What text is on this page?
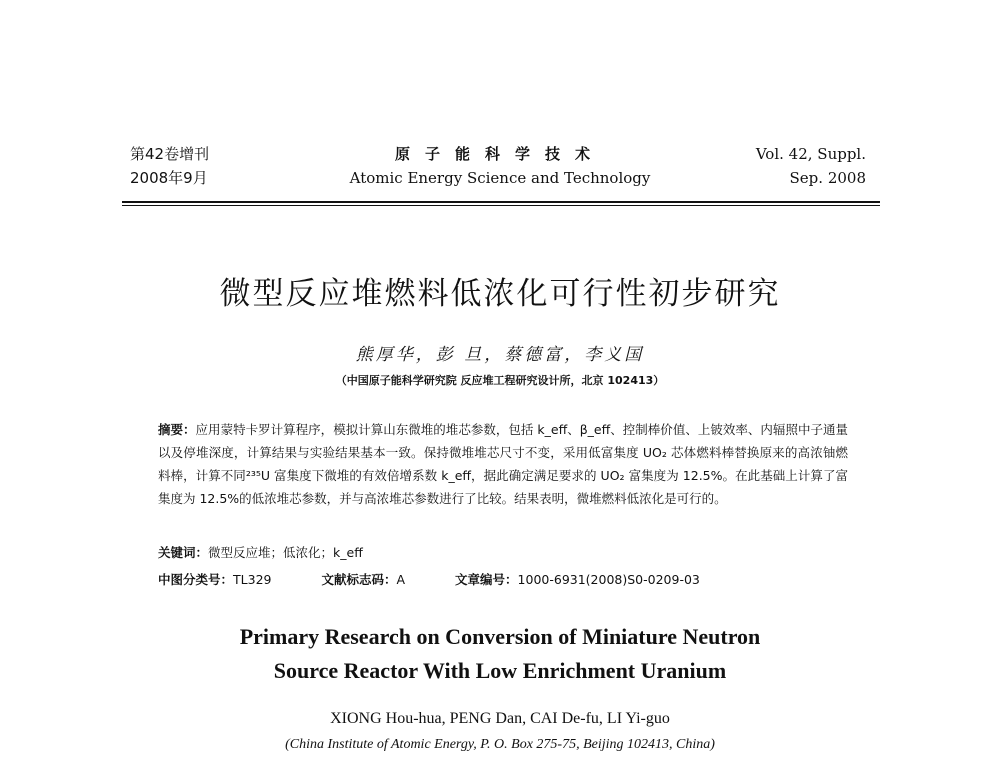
第42卷增刊
2008年9月
原子能科学技术
Atomic Energy Science and Technology
Vol. 42, Suppl.
Sep. 2008
微型反应堆燃料低浓化可行性初步研究
熊厚华，彭 旦，蔡德富，李义国
（中国原子能科学研究院 反应堆工程研究设计所，北京 102413）
摘要：应用蒙特卡罗计算程序，模拟计算山东微堆的堆芯参数，包括 k_eff、β_eff、控制棒价值、上铍效率、内辐照中子通量以及停堆深度，计算结果与实验结果基本一致。保持微堆堆芯尺寸不变，采用低富集度 UO₂ 芯体燃料棒替换原来的高浓铀燃料棒，计算不同²³⁵U 富集度下微堆的有效倍增系数 k_eff，据此确定满足要求的 UO₂ 富集度为 12.5%。在此基础上计算了富集度为 12.5%的低浓堆芯参数，并与高浓堆芯参数进行了比较。结果表明，微堆燃料低浓化是可行的。
关键词：微型反应堆；低浓化；k_eff
中图分类号：TL329	文献标志码：A	文章编号：1000-6931(2008)S0-0209-03
Primary Research on Conversion of Miniature Neutron
Source Reactor With Low Enrichment Uranium
XIONG Hou-hua, PENG Dan, CAI De-fu, LI Yi-guo
(China Institute of Atomic Energy, P. O. Box 275-75, Beijing 102413, China)
